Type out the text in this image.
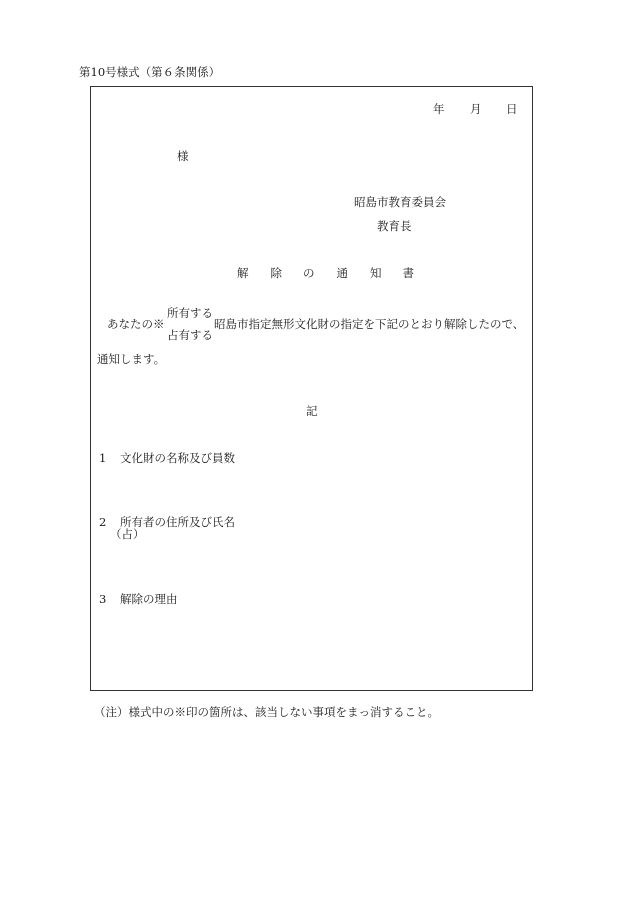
第10号様式（第６条関係）
年 月 日
様
昭島市教育委員会
教育長
解 除 の 通 知 書
あなたの※
所有する
占有する
昭島市指定無形文化財の指定を下記のとおり解除したので、
通知します。
記
1 文化財の名称及び員数
2 所有者の住所及び氏名
（占）
3 解除の理由
（注）様式中の※印の箇所は、該当しない事項をまっ消すること。
